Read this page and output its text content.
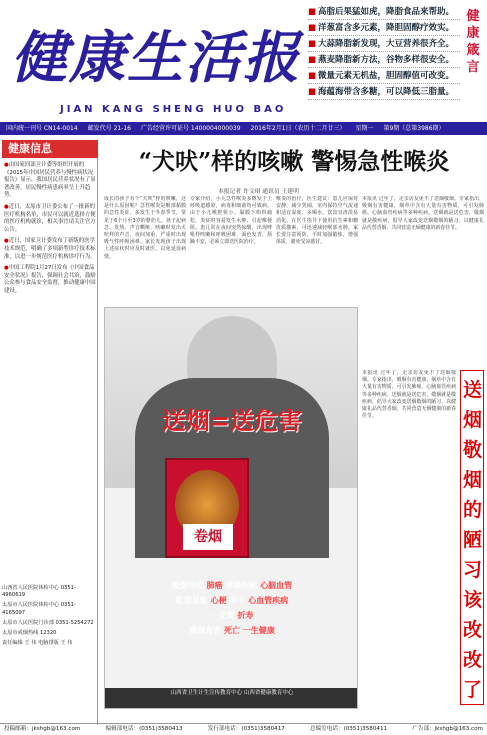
健康生活报
JIAN KANG SHENG HUO BAO
■ 高脂后果猛如虎，降脂食品来帮助。
■ 洋葱富含多元素，降胆固醇疗效实。
■ 大蒜降脂新发现，大豆营养很齐全。
■ 燕麦降脂新方法，谷物多样很安全。
■ 微量元素无机盐，胆固醇值可改变。
■ 海蕴海带含多糖，可以降低三脂量。
健康箴言
国内统一刊号 CN14-0014 邮发代号 21-16 广告经营许可证号 1400004000039 2016年2月1日（农历十二月廿三） 星期一 第9期（总第3986期）
健康信息

●由国家四部卫计委等组织开展的《2015年中国居民营养与慢性病状况报告》显示，我国居民营养状况有了显著改善，居民慢性病患病率呈上升趋势。

●近日，太原市卫计委公布了一批新的医疗机构名单，市民可以就近选择方便的医疗机构就诊，相关事宜请关注官方公告。

●近日，国家卫计委发布了新版的医学技术规范，明确了多项新型诊疗技术标准，以进一步规范医疗机构诊疗行为。

●中国工程院1月27日发布《中国食品安全状况》报告，强调社会共治，鼓励公众参与食品安全监督，推动健康中国建设。

山西省人民医院体检中心 0351-4960619

太原市人民医院体检中心 0351-4165097

太原市人民医院门诊部 0351-5254272

太原市戒烟热线 12320

责任编辑 王 伟 电脑排版 王 伟

“犬吠”样的咳嗽 警惕急性喉炎
本报记者 许文琪 通讯员 王建明
成长的孩子有个“犬吠”样的咳嗽，这是什么原因呢？急性喉炎是喉部黏膜的急性炎症，多发生于冬春季节，常见于6个月至3岁的婴幼儿。孩子起病急，发热、声音嘶哑，咳嗽时发出犬吠样的声音，夜间加重，严重时出现吸气性呼吸困难。家长发现孩子出现上述症状时应及时就医，以免延误病情。
专家介绍，小儿急性喉炎多继发于上呼吸道感染，病毒和细菌均可致病。由于小儿喉腔狭小、黏膜下组织疏松，炎症时容易发生水肿，引起喉梗阻。患儿常在夜间突然惊醒，出现哮吼样咳嗽和呼吸困难，面色发青，烦躁不安，必须立即送医院治疗。
喉炎的治疗，医生建议：患儿应保持安静，减少哭闹，室内保持空气流通和适宜湿度，多喝水，饮食宜清淡易消化。在医生指导下使用抗生素和糖皮质激素，可迅速减轻喉部水肿。家长要注意预防，平时加强锻炼，增强体质，避免受凉感冒。
本报讯 过年了，走亲访友免不了送烟敬烟。专家指出，吸烟有害健康，烟草中含有大量有害物质，可引发肺癌、心脑血管疾病等多种疾病。送烟就是送危害，敬烟就是敬疾病。倡导大家改变送烟敬烟的陋习，以健康礼品代替香烟，共同营造无烟健康的新春佳节。
本报讯 过年了，走亲访友免不了送烟敬烟。专家指出，吸烟有害健康，烟草中含有大量有害物质，可引发肺癌、心脑血管疾病等多种疾病。送烟就是送危害，敬烟就是敬疾病。倡导大家改变送烟敬烟的陋习，以健康礼品代替香烟，共同营造无烟健康的新春佳节。
送烟=送危害
卷烟
吸烟导致 肺癌 呼吸疾病 心脑血管
吸烟易致 心梗 卒中 心血管疾病
一支烟 折寿
吸烟有害 死亡 一生健康
山西省卫生计生宣传教育中心 山西省健康教育中心
送烟敬烟的陋习该改改了
投稿邮箱：jkshgb@163.com	编辑部电话：(0351)3580413	发行部电话：(0351)3580417	总编室电话：(0351)3580411	广告部：jkshgb@163.com
